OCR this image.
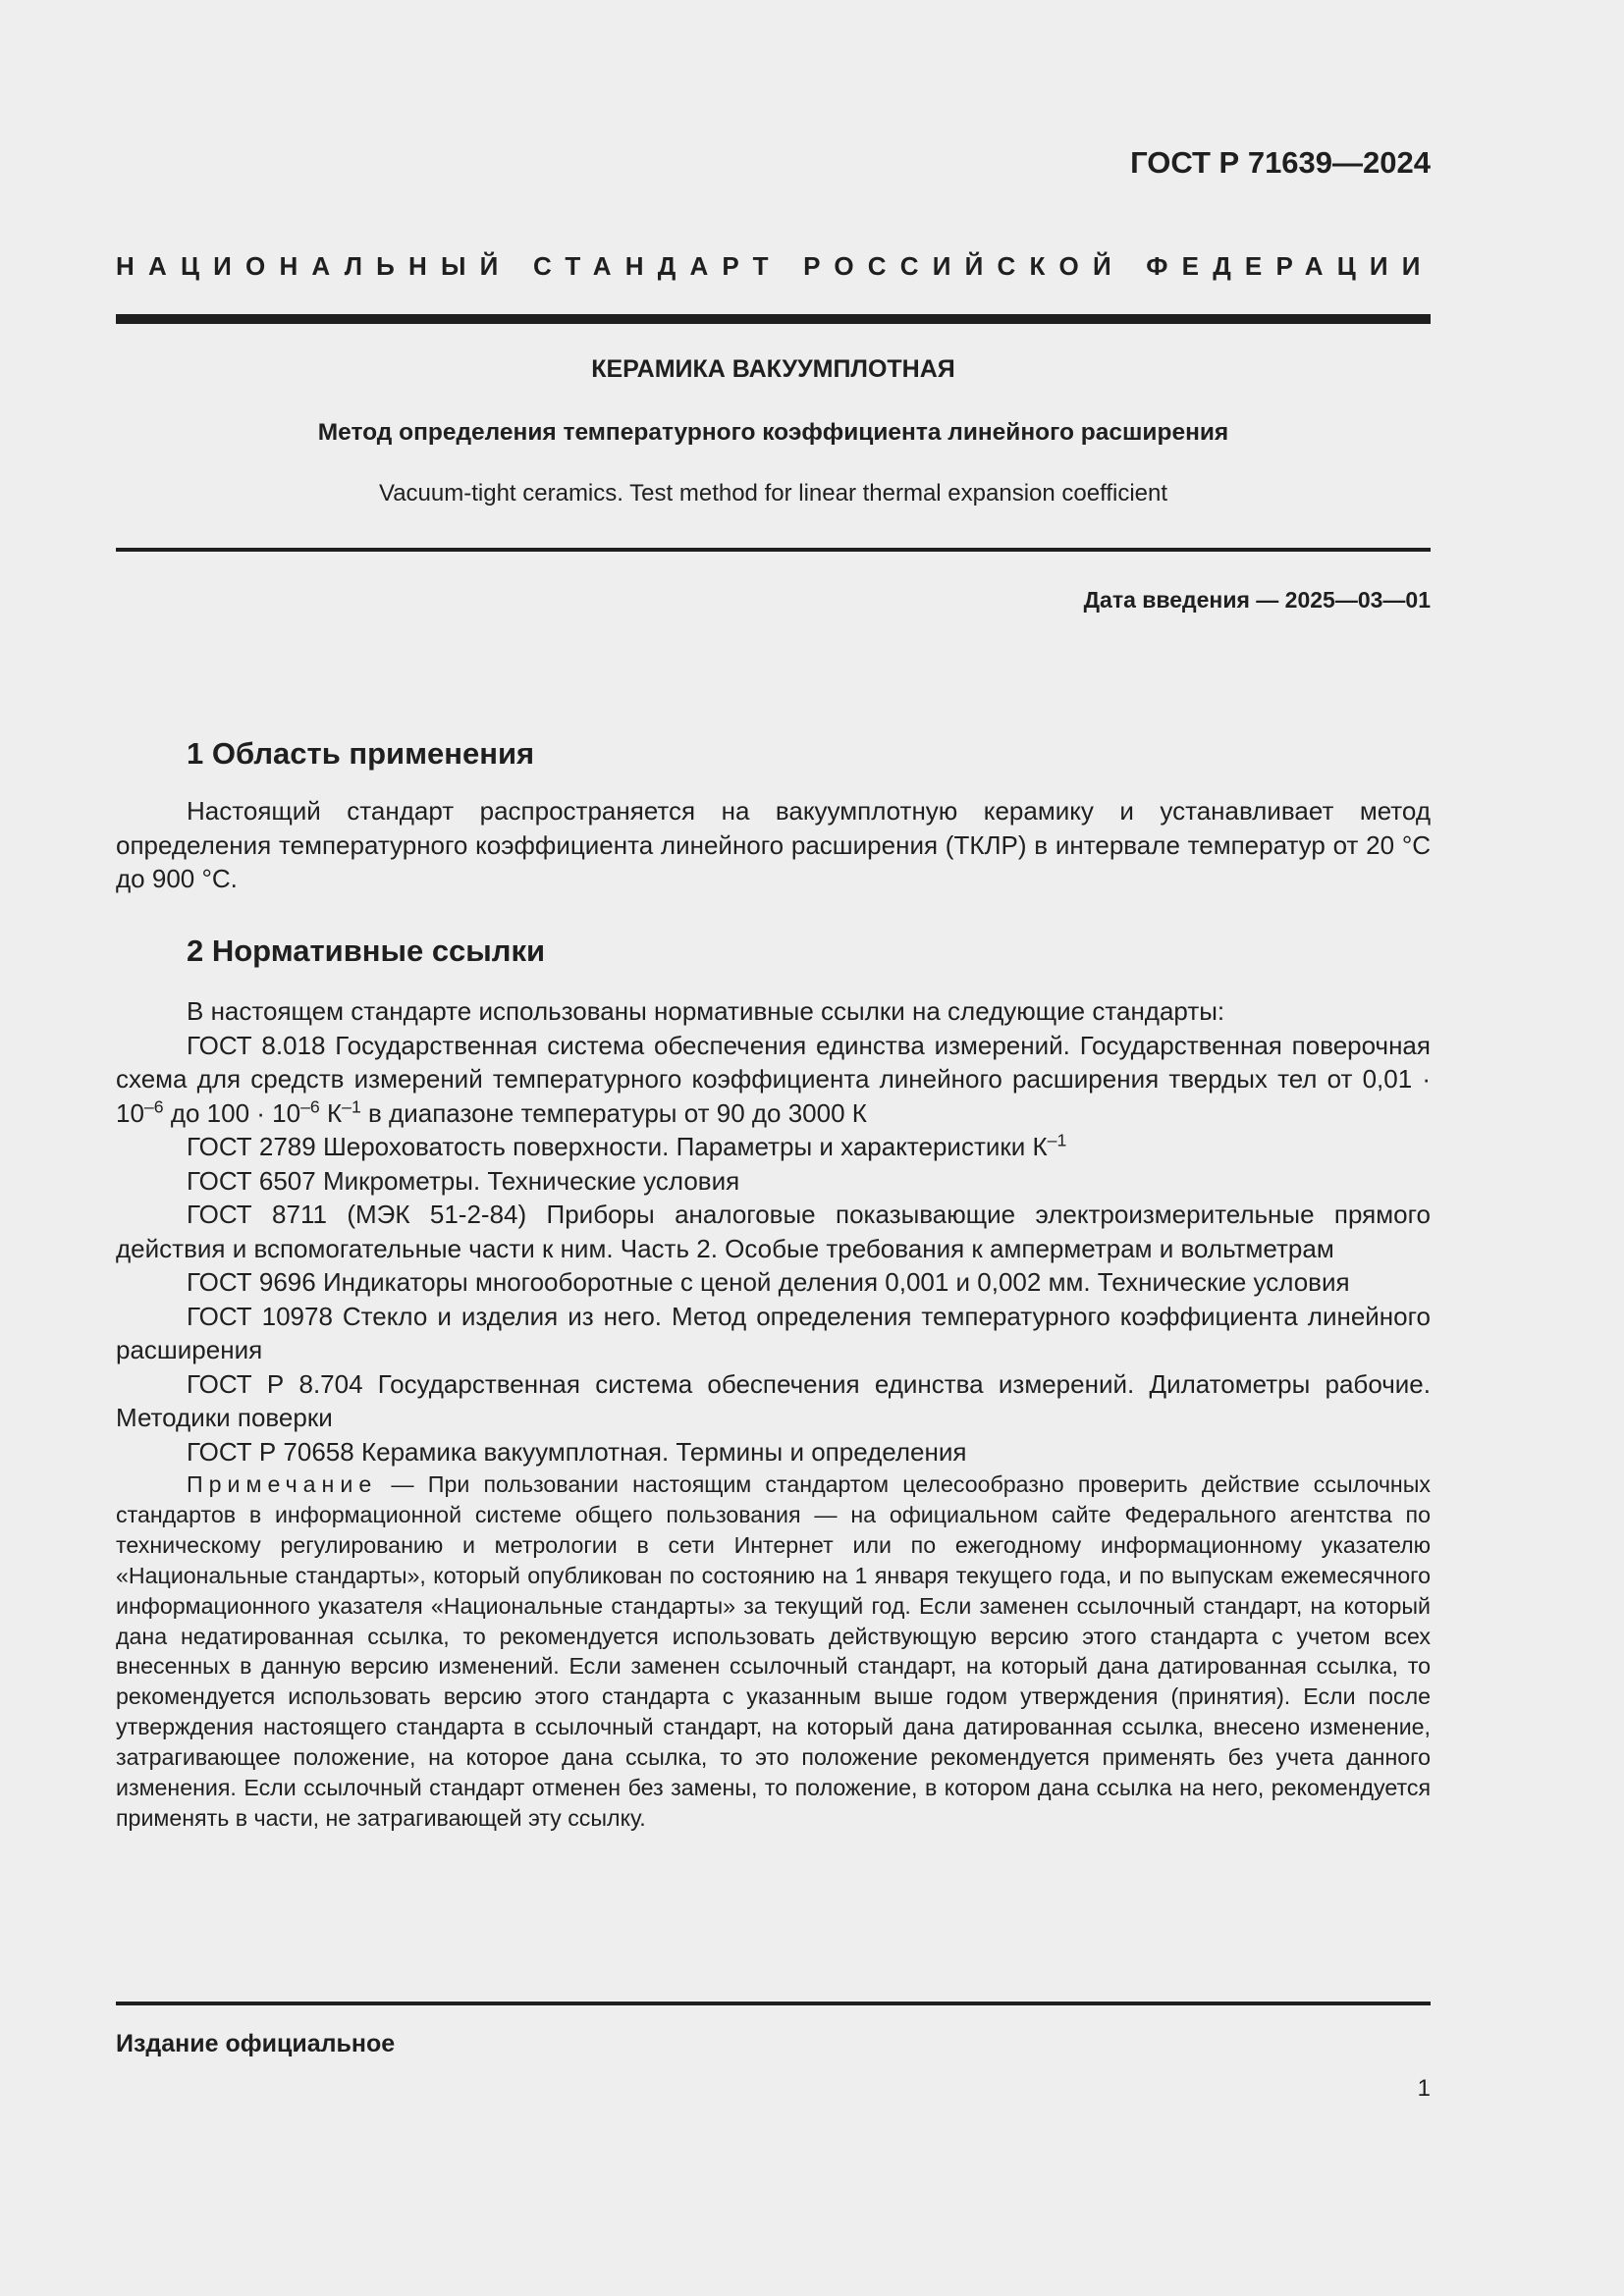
ГОСТ Р 71639—2024

НАЦИОНАЛЬНЫЙ СТАНДАРТ РОССИЙСКОЙ ФЕДЕРАЦИИ

КЕРАМИКА ВАКУУМПЛОТНАЯ

Метод определения температурного коэффициента линейного расширения

Vacuum-tight ceramics. Test method for linear thermal expansion coefficient

Дата введения — 2025—03—01

1 Область применения

Настоящий стандарт распространяется на вакуумплотную керамику и устанавливает метод определения температурного коэффициента линейного расширения (ТКЛР) в интервале температур от 20 °С до 900 °С.

2 Нормативные ссылки
В настоящем стандарте использованы нормативные ссылки на следующие стандарты:
ГОСТ 8.018 Государственная система обеспечения единства измерений. Государственная поверочная схема для средств измерений температурного коэффициента линейного расширения твердых тел от $0,01 \cdot 10^{-6}$ до $100 \cdot 10^{-6}$ $К^{-1}$ в диапазоне температуры от 90 до 3000 К
ГОСТ 2789 Шероховатость поверхности. Параметры и характеристики $К^{-1}$
ГОСТ 6507 Микрометры. Технические условия
ГОСТ 8711 (МЭК 51-2-84) Приборы аналоговые показывающие электроизмерительные прямого действия и вспомогательные части к ним. Часть 2. Особые требования к амперметрам и вольтметрам
ГОСТ 9696 Индикаторы многооборотные с ценой деления 0,001 и 0,002 мм. Технические условия
ГОСТ 10978 Стекло и изделия из него. Метод определения температурного коэффициента линейного расширения
ГОСТ Р 8.704 Государственная система обеспечения единства измерений. Дилатометры рабочие. Методики поверки
ГОСТ Р 70658 Керамика вакуумплотная. Термины и определения

Примечание — При пользовании настоящим стандартом целесообразно проверить действие ссылочных стандартов в информационной системе общего пользования — на официальном сайте Федерального агентства по техническому регулированию и метрологии в сети Интернет или по ежегодному информационному указателю «Национальные стандарты», который опубликован по состоянию на 1 января текущего года, и по выпускам ежемесячного информационного указателя «Национальные стандарты» за текущий год. Если заменен ссылочный стандарт, на который дана недатированная ссылка, то рекомендуется использовать действующую версию этого стандарта с учетом всех внесенных в данную версию изменений. Если заменен ссылочный стандарт, на который дана датированная ссылка, то рекомендуется использовать версию этого стандарта с указанным выше годом утверждения (принятия). Если после утверждения настоящего стандарта в ссылочный стандарт, на который дана датированная ссылка, внесено изменение, затрагивающее положение, на которое дана ссылка, то это положение рекомендуется применять без учета данного изменения. Если ссылочный стандарт отменен без замены, то положение, в котором дана ссылка на него, рекомендуется применять в части, не затрагивающей эту ссылку.

Издание официальное

1
